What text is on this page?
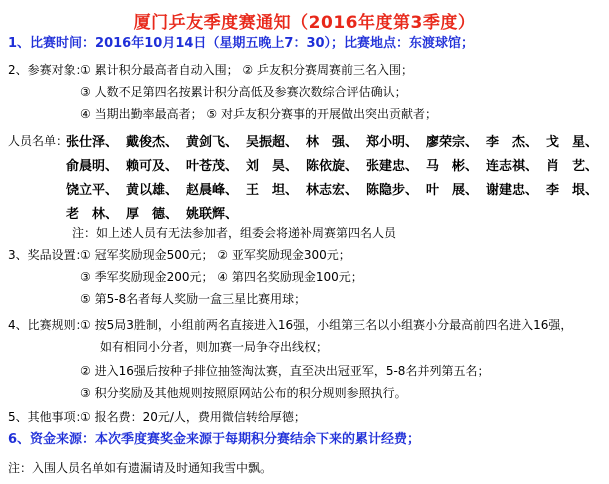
厦门乒友季度赛通知（2016年度第3季度）
1、比赛时间：2016年10月14日（星期五晚上7：30）；比赛地点：东渡球馆；
2、参赛对象：
① 累计积分最高者自动入围； ② 乒友积分赛周赛前三名入围；
③ 人数不足第四名按累计积分高低及参赛次数综合评估确认；
④ 当期出勤率最高者； ⑤ 对乒友积分赛事的开展做出突出贡献者；
人员名单：
张仕泽、 戴俊杰、 黄剑飞、 吴振超、 林　强、 郑小明、 廖荣宗、 李　杰、 戈　星、
俞晨明、 赖可及、 叶苍茂、 刘　昊、 陈依旋、 张建忠、 马　彬、 连志祺、 肖　艺、
饶立平、 黄以雄、 赵晨峰、 王　坦、 林志宏、 陈隐步、 叶　展、 谢建忠、 李　垠、
老　林、 厚　德、 姚联辉、
注：如上述人员有无法参加者，组委会将递补周赛第四名人员
3、奖品设置：
① 冠军奖励现金500元； ② 亚军奖励现金300元；
③ 季军奖励现金200元； ④ 第四名奖励现金100元；
⑤ 第5-8名者每人奖励一盒三星比赛用球；
4、比赛规则：
① 按5局3胜制，小组前两名直接进入16强，小组第三名以小组赛小分最高前四名进入16强，
如有相同小分者，则加赛一局争夺出线权；
② 进入16强后按种子排位抽签淘汰赛，直至决出冠亚军，5-8名并列第五名；
③ 积分奖励及其他规则按照原网站公布的积分规则参照执行。
5、其他事项：
① 报名费：20元/人，费用微信转给厚德；
6、资金来源：本次季度赛奖金来源于每期积分赛结余下来的累计经费；
注：入围人员名单如有遗漏请及时通知我雪中飘。
